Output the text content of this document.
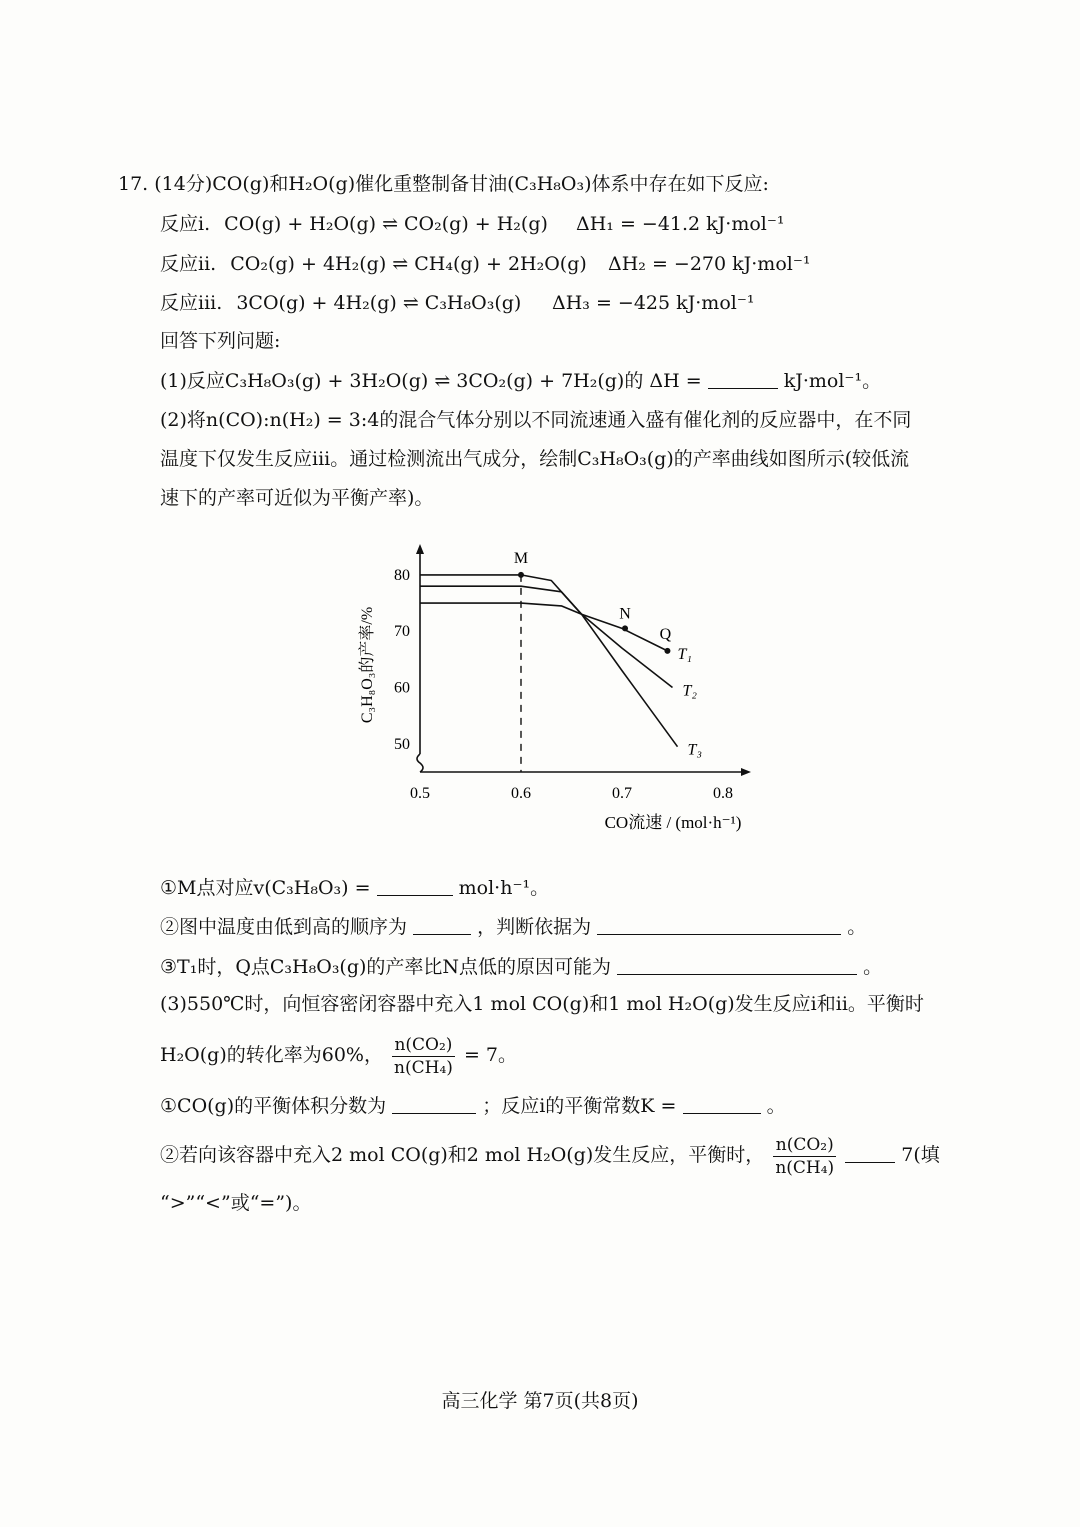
17. (14分)CO(g)和H₂O(g)催化重整制备甘油(C₃H₈O₃)体系中存在如下反应:
反应i. CO(g) + H₂O(g) ⇌ CO₂(g) + H₂(g) ΔH₁ = −41.2 kJ·mol⁻¹
反应ii. CO₂(g) + 4H₂(g) ⇌ CH₄(g) + 2H₂O(g) ΔH₂ = −270 kJ·mol⁻¹
反应iii. 3CO(g) + 4H₂(g) ⇌ C₃H₈O₃(g) ΔH₃ = −425 kJ·mol⁻¹
回答下列问题:
(1)反应C₃H₈O₃(g) + 3H₂O(g) ⇌ 3CO₂(g) + 7H₂(g)的 ΔH =	kJ·mol⁻¹。
(2)将n(CO):n(H₂) = 3:4的混合气体分别以不同流速通入盛有催化剂的反应器中，在不同
温度下仅发生反应iii。通过检测流出气成分，绘制C₃H₈O₃(g)的产率曲线如图所示(较低流
速下的产率可近似为平衡产率)。
0.5	0.6	0.7	0.8
50
60
70
80
T₁
T₂
T₃
M
N
Q
C₃H₈O₃的产率/%
CO流速 / (mol·h⁻¹)
①M点对应v(C₃H₈O₃) =	mol·h⁻¹。
②图中温度由低到高的顺序为	，判断依据为	。
③T₁时，Q点C₃H₈O₃(g)的产率比N点低的原因可能为	。
(3)550℃时，向恒容密闭容器中充入1 mol CO(g)和1 mol H₂O(g)发生反应i和ii。平衡时
H₂O(g)的转化率为60%， $\frac{\text{n(CO₂)}}{\text{n(CH₄)}} = 7$。
①CO(g)的平衡体积分数为	；反应i的平衡常数K =	。
②若向该容器中充入2 mol CO(g)和2 mol H₂O(g)发生反应，平衡时， $\frac{\text{n(CO₂)}}{\text{n(CH₄)}}$	7(填
“>”“<”或“=”)。
高三化学 第7页(共8页)
